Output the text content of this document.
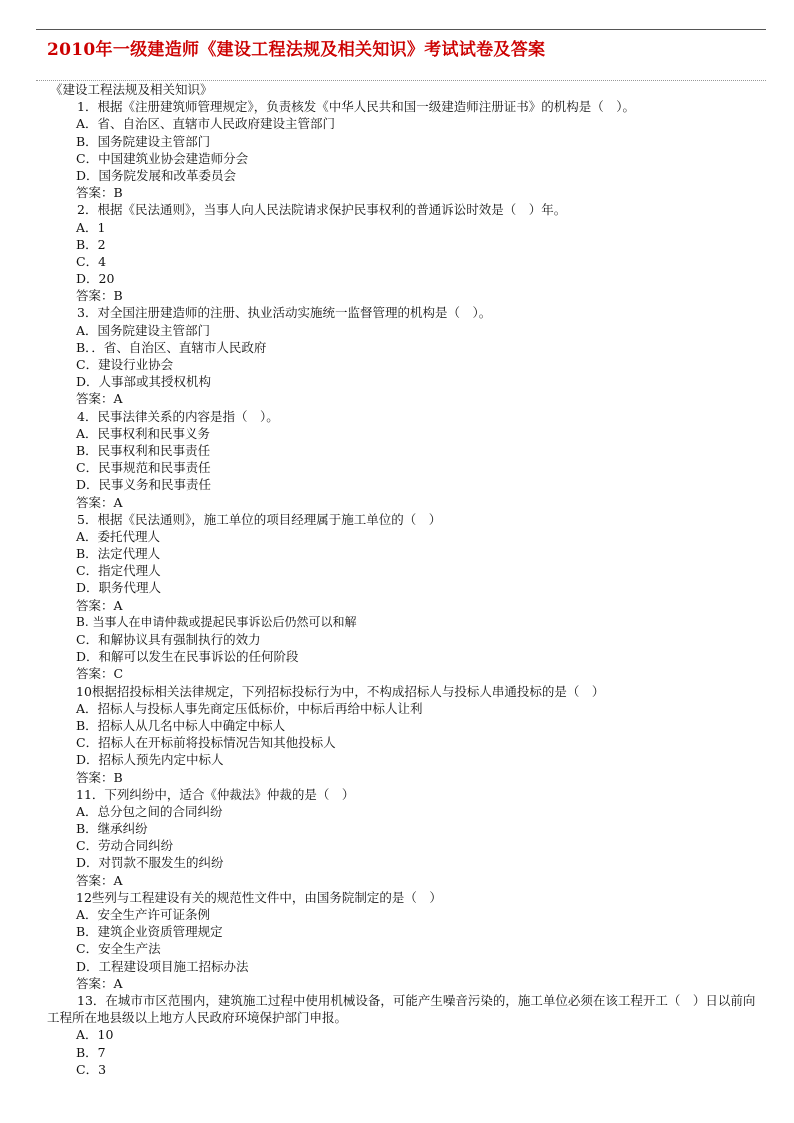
2010年一级建造师《建设工程法规及相关知识》考试试卷及答案
《建设工程法规及相关知识》
1．根据《注册建筑师管理规定》，负责核发《中华人民共和国一级建造师注册证书》的机构是（　）。
A．省、自治区、直辖市人民政府建设主管部门
B．国务院建设主管部门
C．中国建筑业协会建造师分会
D．国务院发展和改革委员会
答案：B
2．根据《民法通则》，当事人向人民法院请求保护民事权利的普通诉讼时效是（　）年。
A．1
B．2
C．4
D．20
答案：B
3．对全国注册建造师的注册、执业活动实施统一监督管理的机构是（　）。
A．国务院建设主管部门
B．．省、自治区、直辖市人民政府
C．建设行业协会
D．人事部或其授权机构
答案：A
4．民事法律关系的内容是指（　）。
A．民事权利和民事义务
B．民事权利和民事责任
C．民事规范和民事责任
D．民事义务和民事责任
答案：A
5．根据《民法通则》，施工单位的项目经理属于施工单位的（　）
A．委托代理人
B．法定代理人
C．指定代理人
D．职务代理人
答案：A
B. 当事人在申请仲裁或提起民事诉讼后仍然可以和解
C．和解协议具有强制执行的效力
D．和解可以发生在民事诉讼的任何阶段
答案：C
10根据招投标相关法律规定，下列招标投标行为中，不构成招标人与投标人串通投标的是（　）
A．招标人与投标人事先商定压低标价，中标后再给中标人让利
B．招标人从几名中标人中确定中标人
C．招标人在开标前将投标情况告知其他投标人
D．招标人预先内定中标人
答案：B
11．下列纠纷中，适合《仲裁法》仲裁的是（　）
A．总分包之间的合同纠纷
B．继承纠纷
C．劳动合同纠纷
D．对罚款不服发生的纠纷
答案：A
12些列与工程建设有关的规范性文件中，由国务院制定的是（　）
A．安全生产许可证条例
B．建筑企业资质管理规定
C．安全生产法
D．工程建设项目施工招标办法
答案：A
13．在城市市区范围内，建筑施工过程中使用机械设备，可能产生噪音污染的，施工单位必须在该工程开工（　）日以前向工程所在地县级以上地方人民政府环境保护部门申报。
A．10
B．7
C．3
